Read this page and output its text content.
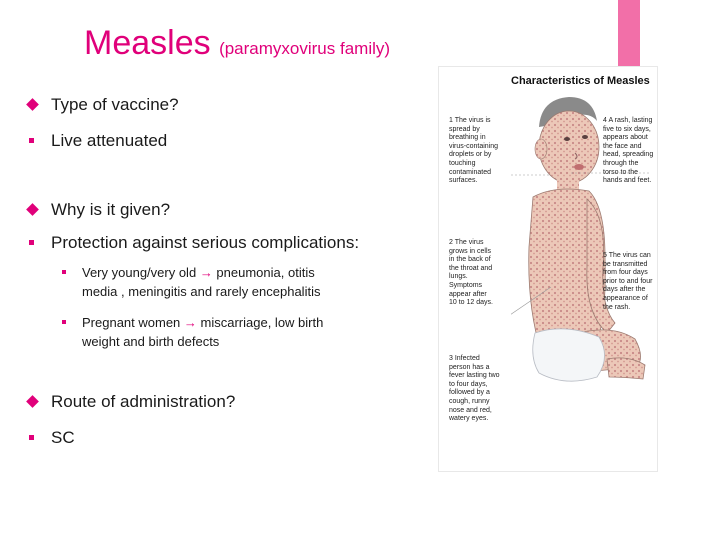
Measles (paramyxovirus family)
Type of vaccine?
Live attenuated
Why is it given?
Protection against serious complications:
Very young/very old → pneumonia, otitis
media , meningitis and rarely encephalitis
Pregnant women → miscarriage, low birth
weight and birth defects
Route of administration?
SC
Characteristics of Measles
1 The virus is
spread by
breathing in
virus-containing
droplets or by
touching
contaminated
surfaces.
2 The virus
grows in cells
in the back of
the throat and
lungs.
Symptoms
appear after
10 to 12 days.
3 Infected
person has a
fever lasting two
to four days,
followed by a
cough, runny
nose and red,
watery eyes.
4 A rash, lasting
five to six days,
appears about
the face and
head, spreading
through the
torso to the
hands and feet.
5 The virus can
be transmitted
from four days
prior to and four
days after the
appearance of
the rash.
